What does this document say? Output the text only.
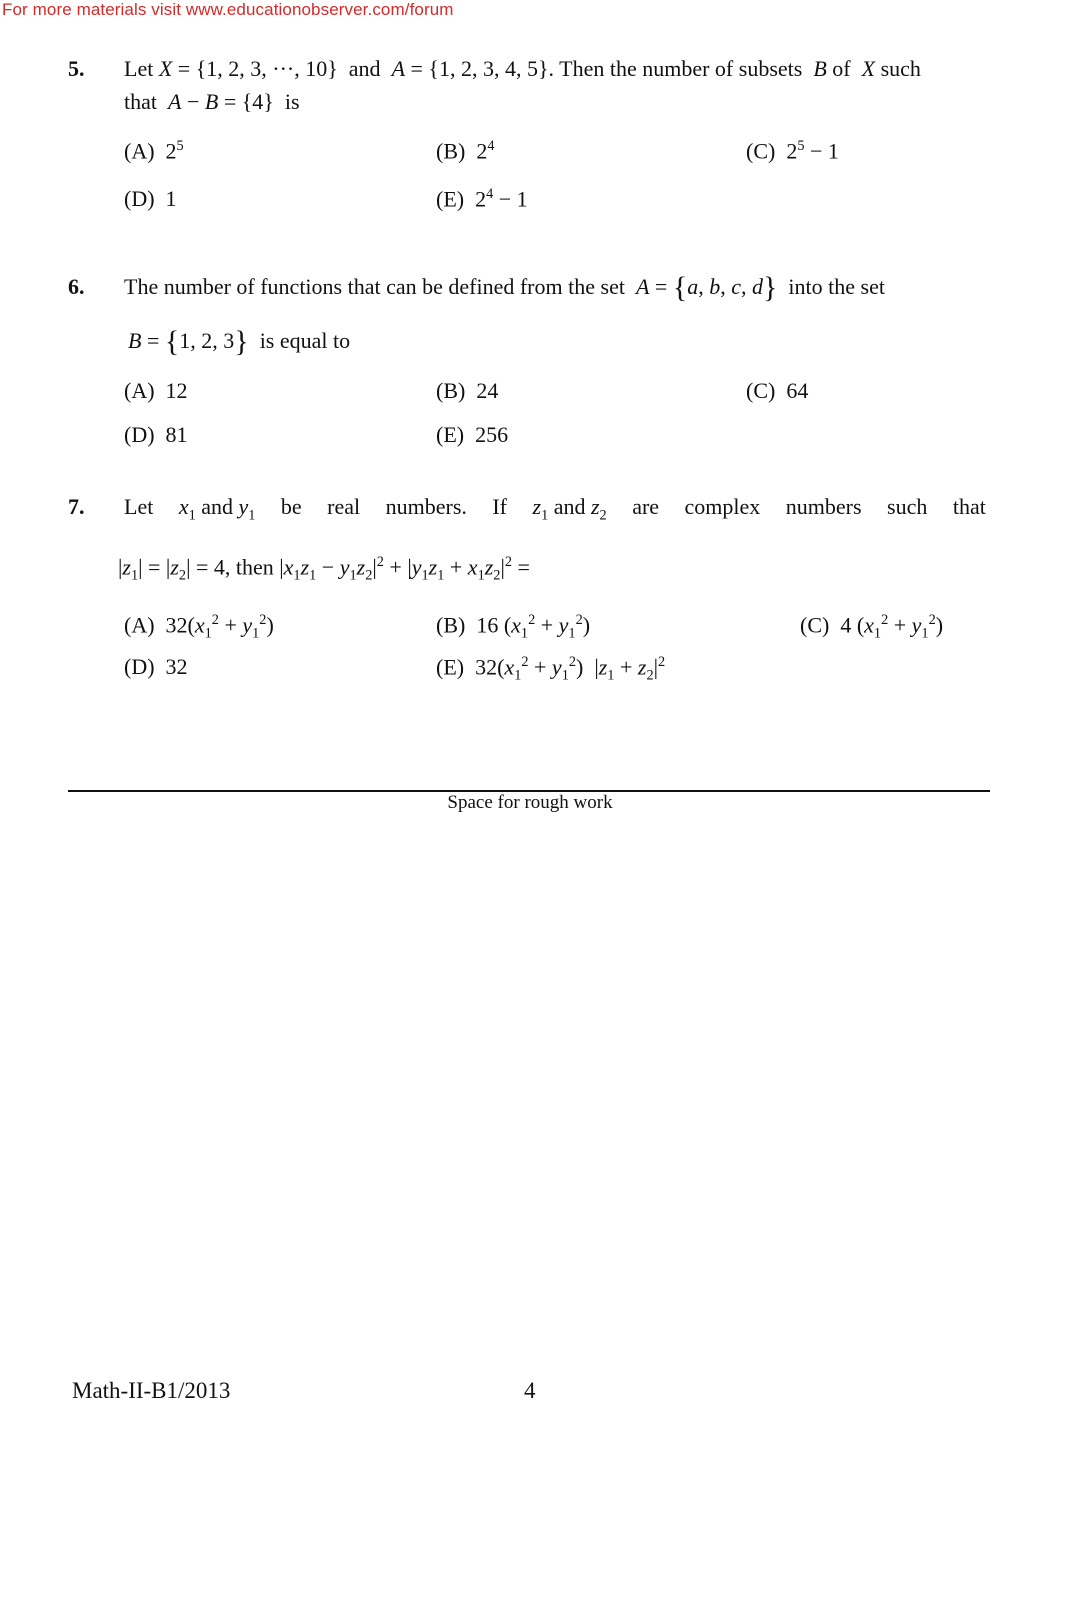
For more materials visit www.educationobserver.com/forum
5. Let X = {1, 2, 3, ···, 10}  and  A = {1, 2, 3, 4, 5}. Then the number of subsets  B of  X such
that  A − B = {4}  is
(A)  $2^5$	(B)  $2^4$	(C)  $2^5 - 1$
(D) 1	(E)  $2^4 - 1$
6. The number of functions that can be defined from the set  A = {a, b, c, d}  into the set
B = {1, 2, 3}  is equal to
(A) 12	(B) 24	(C) 64
(D) 81	(E) 256
7. Let $x_1$ and $y_1$ be real numbers. If $z_1$ and $z_2$ are complex numbers such that
$|z_1| = |z_2| = 4$, then $|x_1z_1 - y_1z_2|^2 + |y_1z_1 + x_1z_2|^2$ =
(A)  $32(x_1^2 + y_1^2)$	(B)  16 $(x_1^2 + y_1^2)$	(C)  4 $(x_1^2 + y_1^2)$
(D) 32	(E)  $32(x_1^2 + y_1^2) |z_1 + z_2|^2$
Space for rough work
Math-II-B1/2013	4
